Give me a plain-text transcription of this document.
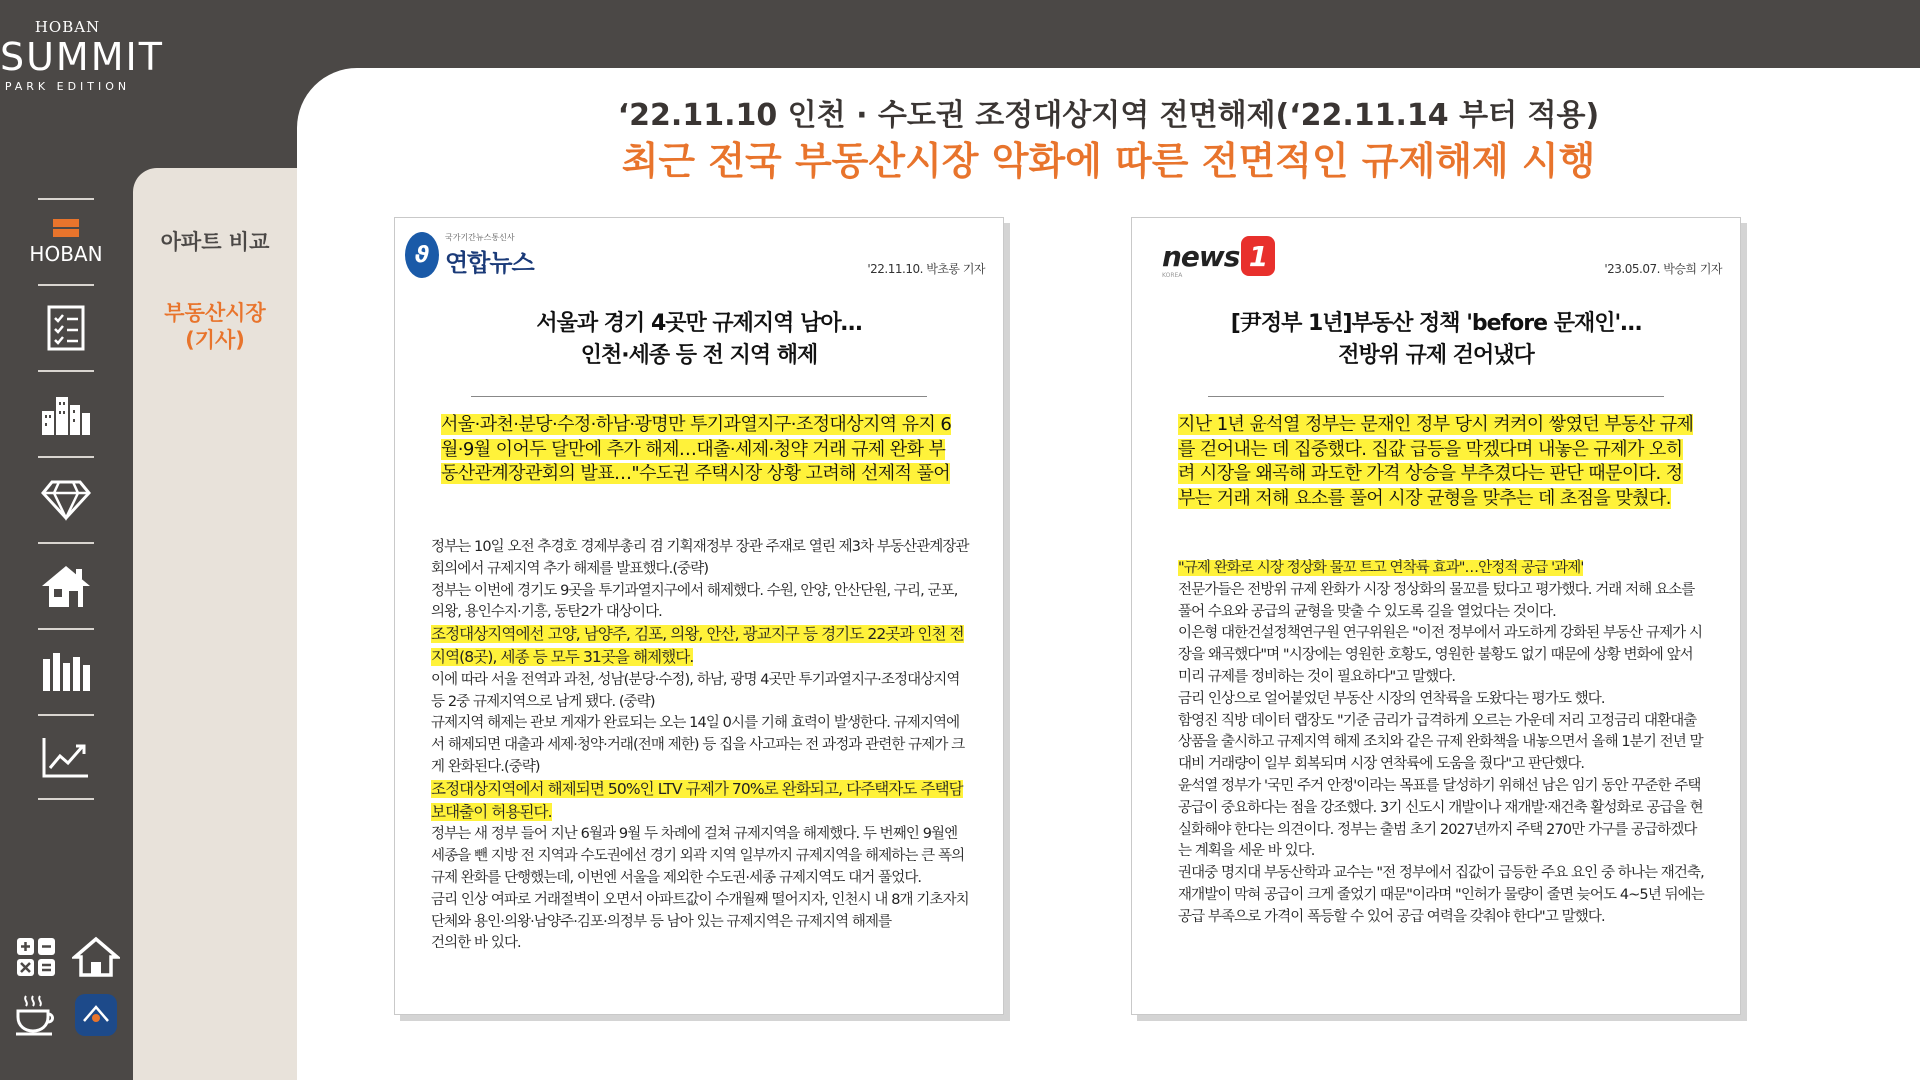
HOBAN
SUMMIT
PARK EDITION
HOBAN	아파트 비교
부동산시장
(기사)
‘22.11.10 인천 · 수도권 조정대상지역 전면해제(‘22.11.14 부터 적용)
최근 전국 부동산시장 악화에 따른 전면적인 규제해제 시행
ϑ
국가기간뉴스통신사
연합뉴스	'22.11.10. 박초롱 기자
서울과 경기 4곳만 규제지역 남아…
인천·세종 등 전 지역 해제
서울·과천·분당·수정·하남·광명만 투기과열지구·조정대상지역 유지 6월·9월 이어두 달만에 추가 해제…대출·세제·청약 거래 규제 완화 부동산관계장관회의 발표…"수도권 주택시장 상황 고려해 선제적 풀어

정부는 10일 오전 추경호 경제부총리 겸 기획재정부 장관 주재로 열린 제3차 부동산관계장관회의에서 규제지역 추가 해제를 발표했다.(중략)

정부는 이번에 경기도 9곳을 투기과열지구에서 해제했다. 수원, 안양, 안산단원, 구리, 군포, 의왕, 용인수지·기흥, 동탄2가 대상이다.

조정대상지역에선 고양, 남양주, 김포, 의왕, 안산, 광교지구 등 경기도 22곳과 인천 전 지역(8곳), 세종 등 모두 31곳을 해제했다.

이에 따라 서울 전역과 과천, 성남(분당·수정), 하남, 광명 4곳만 투기과열지구·조정대상지역 등 2중 규제지역으로 남게 됐다. (중략)

규제지역 해제는 관보 게재가 완료되는 오는 14일 0시를 기해 효력이 발생한다. 규제지역에서 해제되면 대출과 세제·청약·거래(전매 제한) 등 집을 사고파는 전 과정과 관련한 규제가 크게 완화된다.(중략)

조정대상지역에서 해제되면 50%인 LTV 규제가 70%로 완화되고, 다주택자도 주택담보대출이 허용된다.

정부는 새 정부 들어 지난 6월과 9월 두 차례에 걸쳐 규제지역을 해제했다. 두 번째인 9월엔 세종을 뺀 지방 전 지역과 수도권에선 경기 외곽 지역 일부까지 규제지역을 해제하는 큰 폭의 규제 완화를 단행했는데, 이번엔 서울을 제외한 수도권·세종 규제지역도 대거 풀었다.

금리 인상 여파로 거래절벽이 오면서 아파트값이 수개월째 떨어지자, 인천시 내 8개 기초자치단체와 용인·의왕·남양주·김포·의정부 등 남아 있는 규제지역은 규제지역 해제를

건의한 바 있다.

news 1
KOREA	'23.05.07. 박승희 기자
[尹정부 1년]부동산 정책 'before 문재인'…
전방위 규제 걷어냈다
지난 1년 윤석열 정부는 문재인 정부 당시 켜켜이 쌓였던 부동산 규제를 걷어내는 데 집중했다. 집값 급등을 막겠다며 내놓은 규제가 오히려 시장을 왜곡해 과도한 가격 상승을 부추겼다는 판단 때문이다. 정부는 거래 저해 요소를 풀어 시장 균형을 맞추는 데 초점을 맞췄다.

"규제 완화로 시장 정상화 물꼬 트고 연착륙 효과"…안정적 공급 '과제'

전문가들은 전방위 규제 완화가 시장 정상화의 물꼬를 텄다고 평가했다. 거래 저해 요소를 풀어 수요와 공급의 균형을 맞출 수 있도록 길을 열었다는 것이다.

이은형 대한건설정책연구원 연구위원은 "이전 정부에서 과도하게 강화된 부동산 규제가 시장을 왜곡했다"며 "시장에는 영원한 호황도, 영원한 불황도 없기 때문에 상황 변화에 앞서 미리 규제를 정비하는 것이 필요하다"고 말했다.

금리 인상으로 얼어붙었던 부동산 시장의 연착륙을 도왔다는 평가도 했다.

함영진 직방 데이터 랩장도 "기준 금리가 급격하게 오르는 가운데 저리 고정금리 대환대출 상품을 출시하고 규제지역 해제 조치와 같은 규제 완화책을 내놓으면서 올해 1분기 전년 말 대비 거래량이 일부 회복되며 시장 연착륙에 도움을 줬다"고 판단했다.

윤석열 정부가 '국민 주거 안정'이라는 목표를 달성하기 위해선 남은 임기 동안 꾸준한 주택 공급이 중요하다는 점을 강조했다. 3기 신도시 개발이나 재개발·재건축 활성화로 공급을 현실화해야 한다는 의견이다. 정부는 출범 초기 2027년까지 주택 270만 가구를 공급하겠다는 계획을 세운 바 있다.

권대중 명지대 부동산학과 교수는 "전 정부에서 집값이 급등한 주요 요인 중 하나는 재건축, 재개발이 막혀 공급이 크게 줄었기 때문"이라며 "인허가 물량이 줄면 늦어도 4~5년 뒤에는 공급 부족으로 가격이 폭등할 수 있어 공급 여력을 갖춰야 한다"고 말했다.
